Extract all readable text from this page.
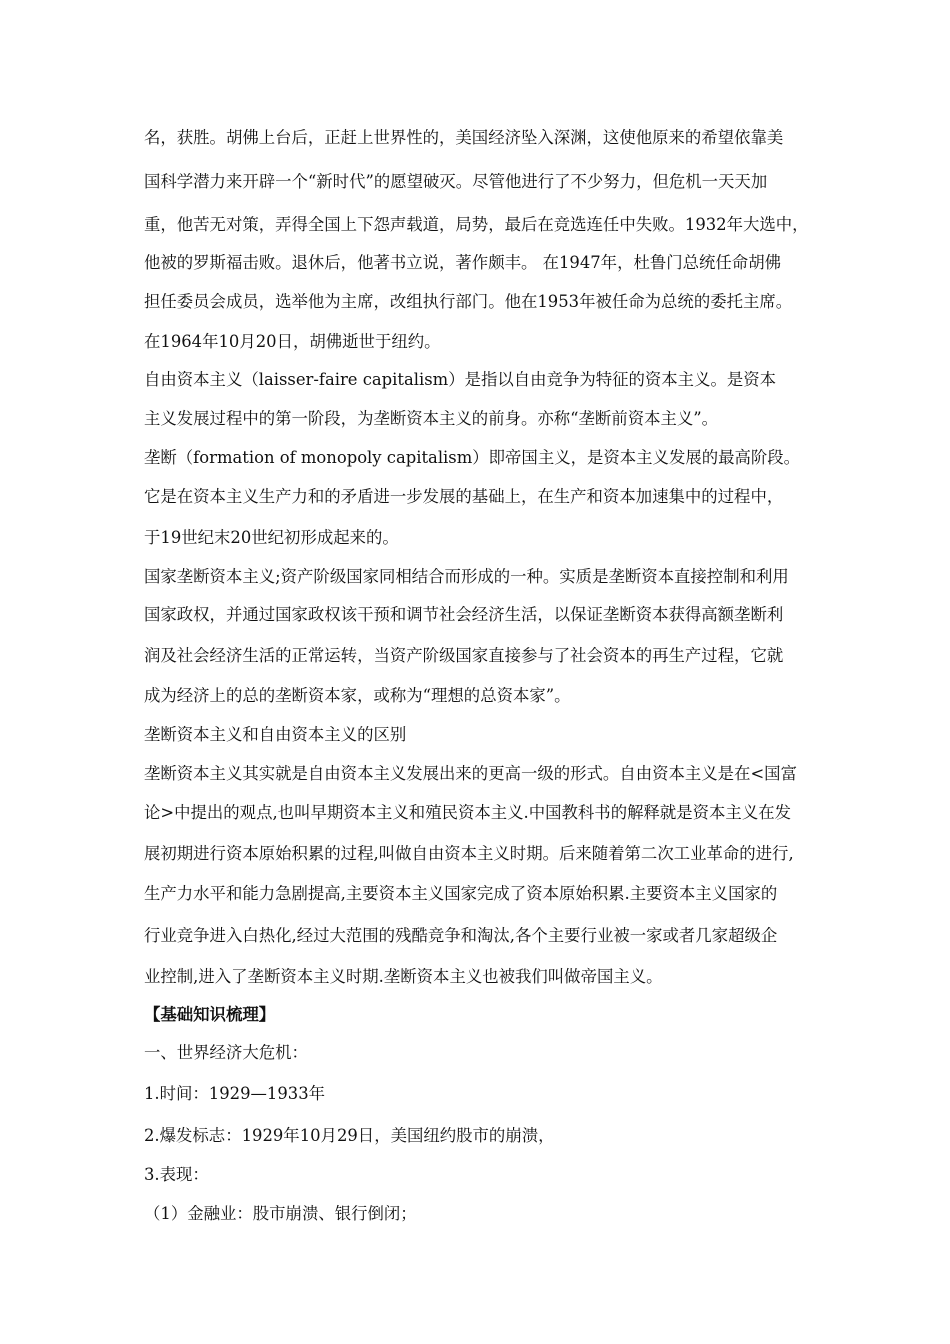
名，获胜。胡佛上台后，正赶上世界性的，美国经济坠入深渊，这使他原来的希望依靠美
国科学潜力来开辟一个“新时代”的愿望破灭。尽管他进行了不少努力，但危机一天天加
重，他苦无对策，弄得全国上下怨声载道，局势，最后在竞选连任中失败。1932年大选中，
他被的罗斯福击败。退休后，他著书立说，著作颇丰。 在1947年，杜鲁门总统任命胡佛
担任委员会成员，选举他为主席，改组执行部门。他在1953年被任命为总统的委托主席。
在1964年10月20日，胡佛逝世于纽约。
自由资本主义（laisser-faire capitalism）是指以自由竞争为特征的资本主义。是资本
主义发展过程中的第一阶段，为垄断资本主义的前身。亦称“垄断前资本主义”。
垄断（formation of monopoly capitalism）即帝国主义，是资本主义发展的最高阶段。
它是在资本主义生产力和的矛盾进一步发展的基础上，在生产和资本加速集中的过程中，
于19世纪末20世纪初形成起来的。
国家垄断资本主义;资产阶级国家同相结合而形成的一种。实质是垄断资本直接控制和利用
国家政权，并通过国家政权该干预和调节社会经济生活，以保证垄断资本获得高额垄断利
润及社会经济生活的正常运转，当资产阶级国家直接参与了社会资本的再生产过程，它就
成为经济上的总的垄断资本家，或称为“理想的总资本家”。
垄断资本主义和自由资本主义的区别
垄断资本主义其实就是自由资本主义发展出来的更高一级的形式。自由资本主义是在<国富
论>中提出的观点,也叫早期资本主义和殖民资本主义.中国教科书的解释就是资本主义在发
展初期进行资本原始积累的过程,叫做自由资本主义时期。后来随着第二次工业革命的进行,
生产力水平和能力急剧提高,主要资本主义国家完成了资本原始积累.主要资本主义国家的
行业竞争进入白热化,经过大范围的残酷竞争和淘汰,各个主要行业被一家或者几家超级企
业控制,进入了垄断资本主义时期.垄断资本主义也被我们叫做帝国主义。
【基础知识梳理】
一、世界经济大危机：
1.时间：1929—1933年
2.爆发标志：1929年10月29日，美国纽约股市的崩溃，
3.表现：
（1）金融业：股市崩溃、银行倒闭；
